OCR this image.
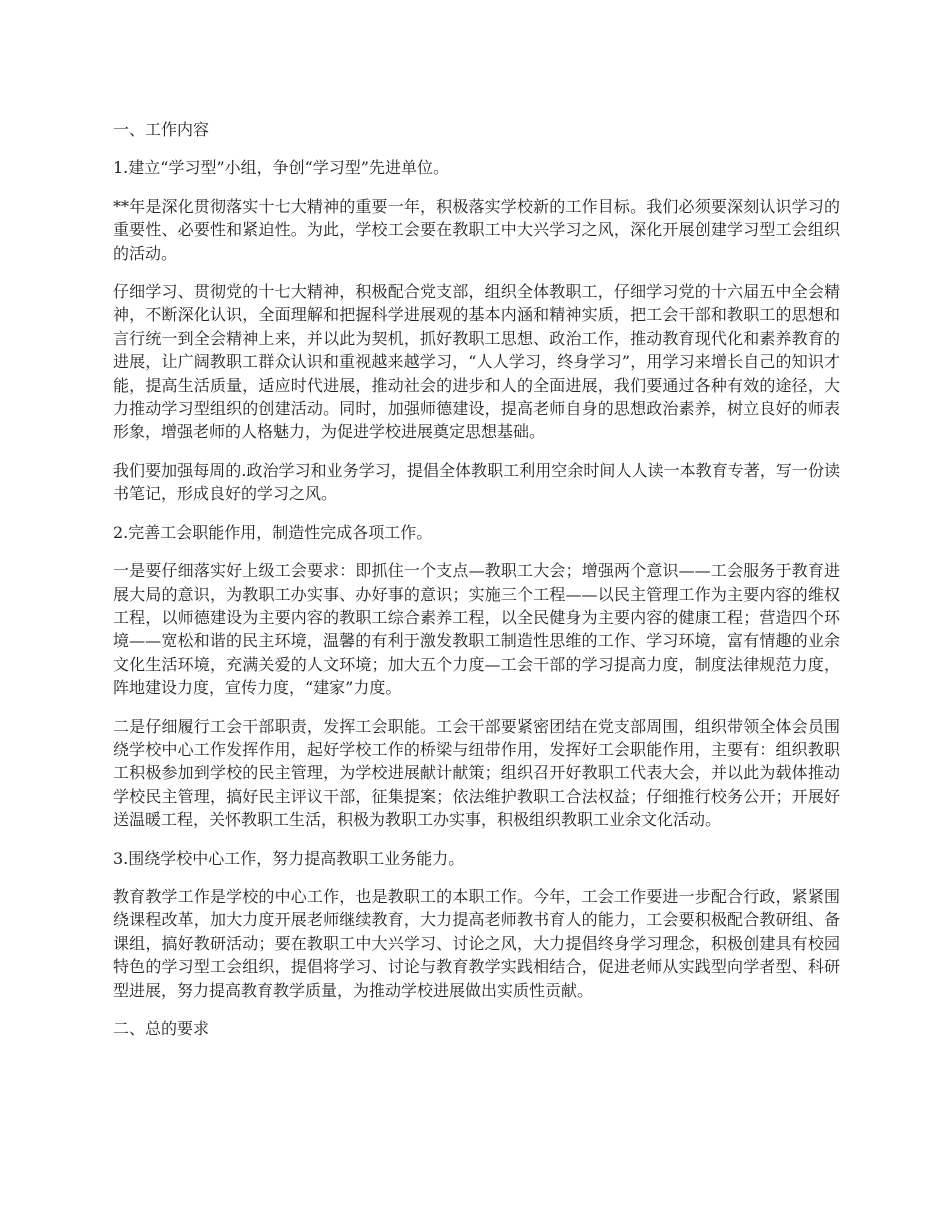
一、工作内容

1.建立“学习型”小组，争创“学习型”先进单位。

**年是深化贯彻落实十七大精神的重要一年，积极落实学校新的工作目标。我们必须要深刻认识学习的重要性、必要性和紧迫性。为此，学校工会要在教职工中大兴学习之风，深化开展创建学习型工会组织的活动。

仔细学习、贯彻党的十七大精神，积极配合党支部，组织全体教职工，仔细学习党的十六届五中全会精神，不断深化认识，全面理解和把握科学进展观的基本内涵和精神实质，把工会干部和教职工的思想和言行统一到全会精神上来，并以此为契机，抓好教职工思想、政治工作，推动教育现代化和素养教育的进展，让广阔教职工群众认识和重视越来越学习，“人人学习，终身学习”，用学习来增长自己的知识才能，提高生活质量，适应时代进展，推动社会的进步和人的全面进展，我们要通过各种有效的途径，大力推动学习型组织的创建活动。同时，加强师德建设，提高老师自身的思想政治素养，树立良好的师表形象，增强老师的人格魅力，为促进学校进展奠定思想基础。

我们要加强每周的.政治学习和业务学习，提倡全体教职工利用空余时间人人读一本教育专著，写一份读书笔记，形成良好的学习之风。

2.完善工会职能作用，制造性完成各项工作。

一是要仔细落实好上级工会要求：即抓住一个支点—教职工大会；增强两个意识——工会服务于教育进展大局的意识，为教职工办实事、办好事的意识；实施三个工程——以民主管理工作为主要内容的维权工程，以师德建设为主要内容的教职工综合素养工程，以全民健身为主要内容的健康工程；营造四个环境——宽松和谐的民主环境，温馨的有利于激发教职工制造性思维的工作、学习环境，富有情趣的业余文化生活环境，充满关爱的人文环境；加大五个力度—工会干部的学习提高力度，制度法律规范力度，阵地建设力度，宣传力度，“建家”力度。

二是仔细履行工会干部职责，发挥工会职能。工会干部要紧密团结在党支部周围，组织带领全体会员围绕学校中心工作发挥作用，起好学校工作的桥梁与纽带作用，发挥好工会职能作用，主要有：组织教职工积极参加到学校的民主管理，为学校进展献计献策；组织召开好教职工代表大会，并以此为载体推动学校民主管理，搞好民主评议干部，征集提案；依法维护教职工合法权益；仔细推行校务公开；开展好送温暖工程，关怀教职工生活，积极为教职工办实事，积极组织教职工业余文化活动。

3.围绕学校中心工作，努力提高教职工业务能力。

教育教学工作是学校的中心工作，也是教职工的本职工作。今年，工会工作要进一步配合行政，紧紧围绕课程改革，加大力度开展老师继续教育，大力提高老师教书育人的能力，工会要积极配合教研组、备课组，搞好教研活动；要在教职工中大兴学习、讨论之风，大力提倡终身学习理念，积极创建具有校园特色的学习型工会组织，提倡将学习、讨论与教育教学实践相结合，促进老师从实践型向学者型、科研型进展，努力提高教育教学质量，为推动学校进展做出实质性贡献。

二、总的要求
